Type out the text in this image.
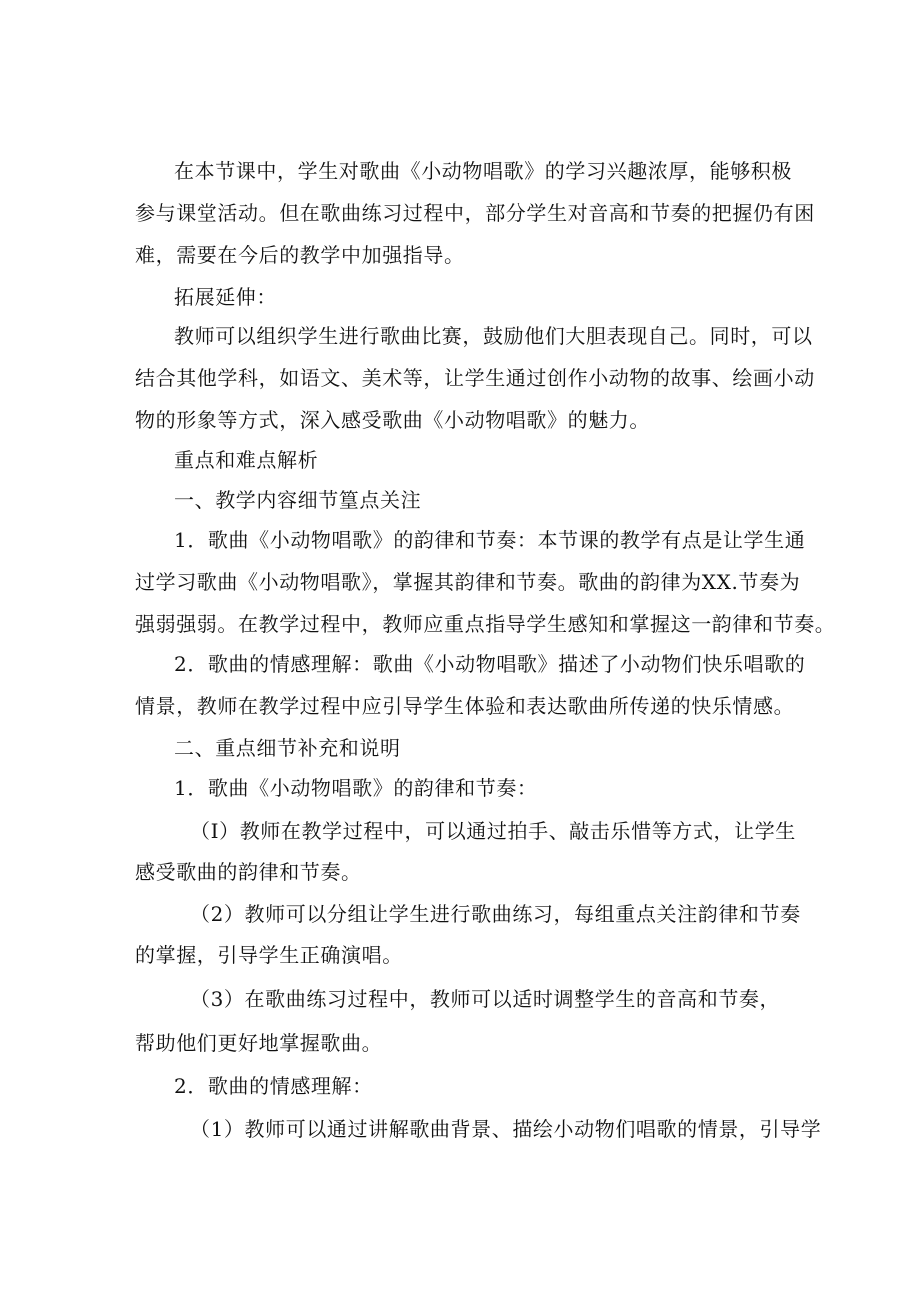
在本节课中，学生对歌曲《小动物唱歌》的学习兴趣浓厚，能够积极
参与课堂活动。但在歌曲练习过程中，部分学生对音高和节奏的把握仍有困
难，需要在今后的教学中加强指导。
拓展延伸：
教师可以组织学生进行歌曲比赛，鼓励他们大胆表现自己。同时，可以
结合其他学科，如语文、美术等，让学生通过创作小动物的故事、绘画小动
物的形象等方式，深入感受歌曲《小动物唱歌》的魅力。
重点和难点解析
一、教学内容细节篁点关注
1．歌曲《小动物唱歌》的韵律和节奏：本节课的教学有点是让学生通
过学习歌曲《小动物唱歌》，掌握其韵律和节奏。歌曲的韵律为XX.节奏为
强弱强弱。在教学过程中，教师应重点指导学生感知和掌握这一韵律和节奏。
2．歌曲的情感理解：歌曲《小动物唱歌》描述了小动物们快乐唱歌的
情景，教师在教学过程中应引导学生体验和表达歌曲所传递的快乐情感。
二、重点细节补充和说明
1．歌曲《小动物唱歌》的韵律和节奏：
（I）教师在教学过程中，可以通过拍手、敲击乐惜等方式，让学生
感受歌曲的韵律和节奏。
（2）教师可以分组让学生进行歌曲练习，每组重点关注韵律和节奏
的掌握，引导学生正确演唱。
（3）在歌曲练习过程中，教师可以适时调整学生的音高和节奏，
帮助他们更好地掌握歌曲。
2．歌曲的情感理解：
（1）教师可以通过讲解歌曲背景、描绘小动物们唱歌的情景，引导学
